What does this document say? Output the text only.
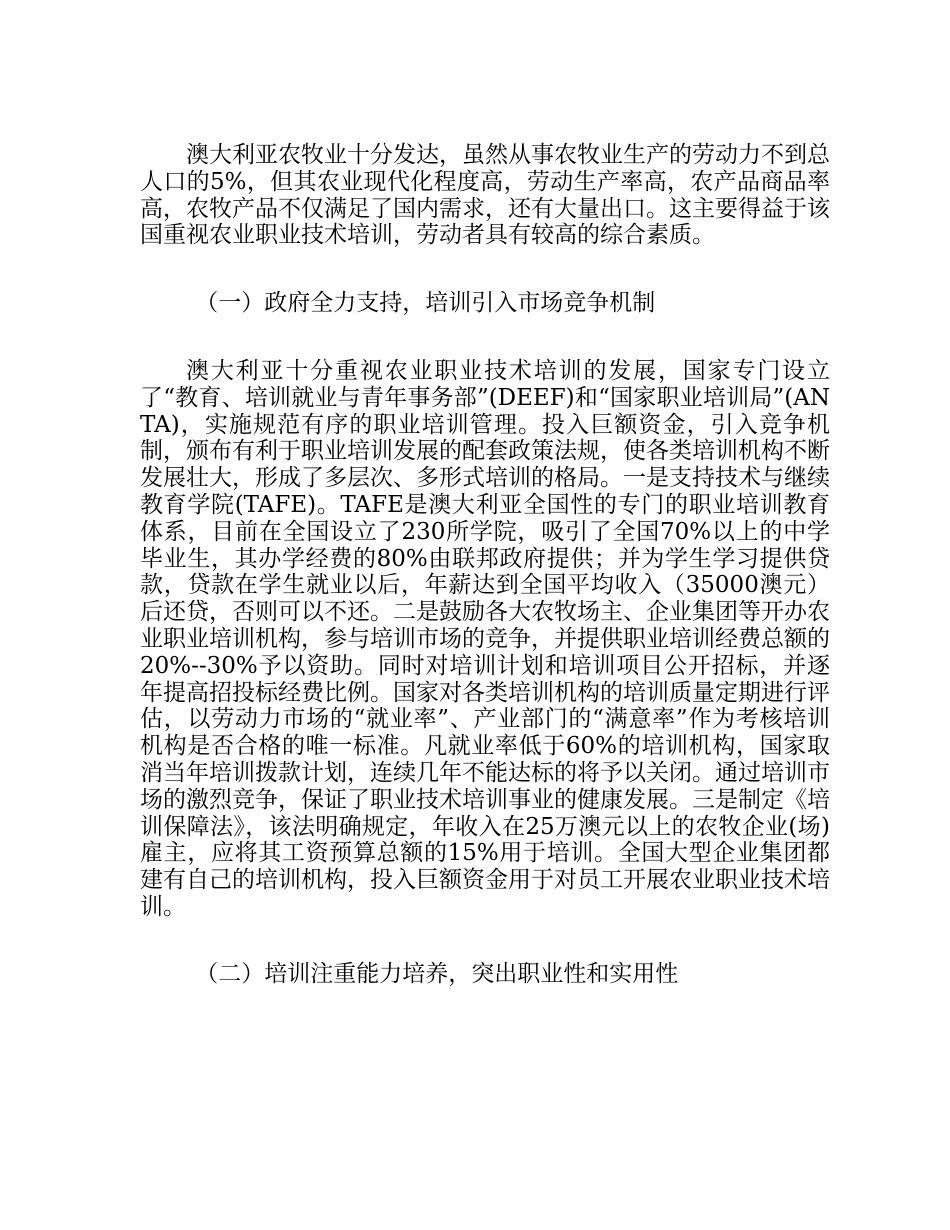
澳大利亚农牧业十分发达，虽然从事农牧业生产的劳动力不到总人口的5%，但其农业现代化程度高，劳动生产率高，农产品商品率高，农牧产品不仅满足了国内需求，还有大量出口。这主要得益于该国重视农业职业技术培训，劳动者具有较高的综合素质。

（一）政府全力支持，培训引入市场竞争机制

澳大利亚十分重视农业职业技术培训的发展，国家专门设立了“教育、培训就业与青年事务部”(DEEF)和“国家职业培训局”(ANTA)，实施规范有序的职业培训管理。投入巨额资金，引入竞争机制，颁布有利于职业培训发展的配套政策法规，使各类培训机构不断发展壮大，形成了多层次、多形式培训的格局。一是支持技术与继续教育学院(TAFE)。TAFE是澳大利亚全国性的专门的职业培训教育体系，目前在全国设立了230所学院，吸引了全国70%以上的中学毕业生，其办学经费的80%由联邦政府提供；并为学生学习提供贷款，贷款在学生就业以后，年薪达到全国平均收入（35000澳元）后还贷，否则可以不还。二是鼓励各大农牧场主、企业集团等开办农业职业培训机构，参与培训市场的竞争，并提供职业培训经费总额的20%--30%予以资助。同时对培训计划和培训项目公开招标，并逐年提高招投标经费比例。国家对各类培训机构的培训质量定期进行评估，以劳动力市场的“就业率”、产业部门的“满意率”作为考核培训机构是否合格的唯一标准。凡就业率低于60%的培训机构，国家取消当年培训拨款计划，连续几年不能达标的将予以关闭。通过培训市场的激烈竞争，保证了职业技术培训事业的健康发展。三是制定《培训保障法》，该法明确规定，年收入在25万澳元以上的农牧企业(场)雇主，应将其工资预算总额的15%用于培训。全国大型企业集团都建有自己的培训机构，投入巨额资金用于对员工开展农业职业技术培训。

（二）培训注重能力培养，突出职业性和实用性
